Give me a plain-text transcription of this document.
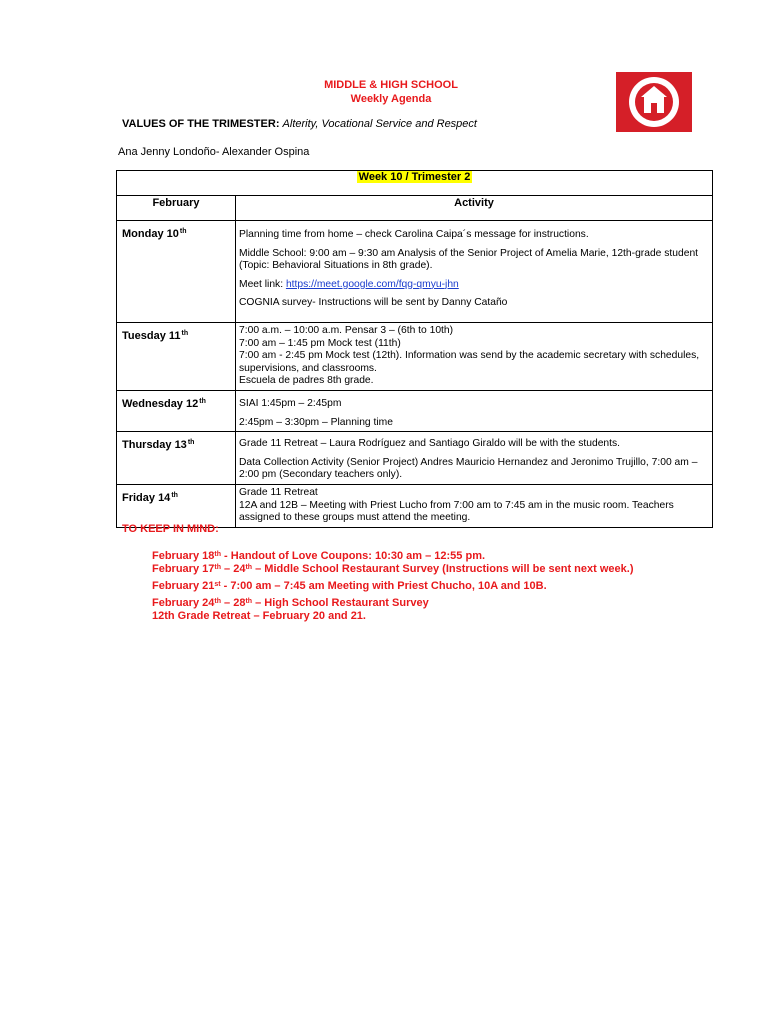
MIDDLE & HIGH SCHOOL
Weekly Agenda
VALUES OF THE TRIMESTER: Alterity, Vocational Service and Respect
Ana Jenny Londoño- Alexander Ospina
Week 10 / Trimester 2	
February	Activity
Monday 10th	Planning time from home – check Carolina Caipa´s message for instructions.

Middle School: 9:00 am – 9:30 am Analysis of the Senior Project of Amelia Marie, 12th-grade student (Topic: Behavioral Situations in 8th grade).

Meet link: https://meet.google.com/fqg-qmyu-jhn

COGNIA survey- Instructions will be sent by Danny Cataño

Tuesday 11th	7:00 a.m. – 10:00 a.m. Pensar 3 – (6th to 10th)

7:00 am – 1:45 pm Mock test (11th)

7:00 am - 2:45 pm Mock test (12th). Information was send by the academic secretary with schedules, supervisions, and classrooms.

Escuela de padres 8th grade.

Wednesday 12th	SIAI 1:45pm – 2:45pm

2:45pm – 3:30pm – Planning time

Thursday 13th	Grade 11 Retreat – Laura Rodríguez and Santiago Giraldo will be with the students.

Data Collection Activity (Senior Project) Andres Mauricio Hernandez and Jeronimo Trujillo, 7:00 am – 2:00 pm (Secondary teachers only).

Friday 14th	Grade 11 Retreat

12A and 12B – Meeting with Priest Lucho from 7:00 am to 7:45 am in the music room. Teachers assigned to these groups must attend the meeting.

TO KEEP IN MIND:
February 18th - Handout of Love Coupons: 10:30 am – 12:55 pm.
February 17th – 24th – Middle School Restaurant Survey (Instructions will be sent next week.)
February 21st - 7:00 am – 7:45 am Meeting with Priest Chucho, 10A and 10B.
February 24th – 28th – High School Restaurant Survey
12th Grade Retreat – February 20 and 21.
